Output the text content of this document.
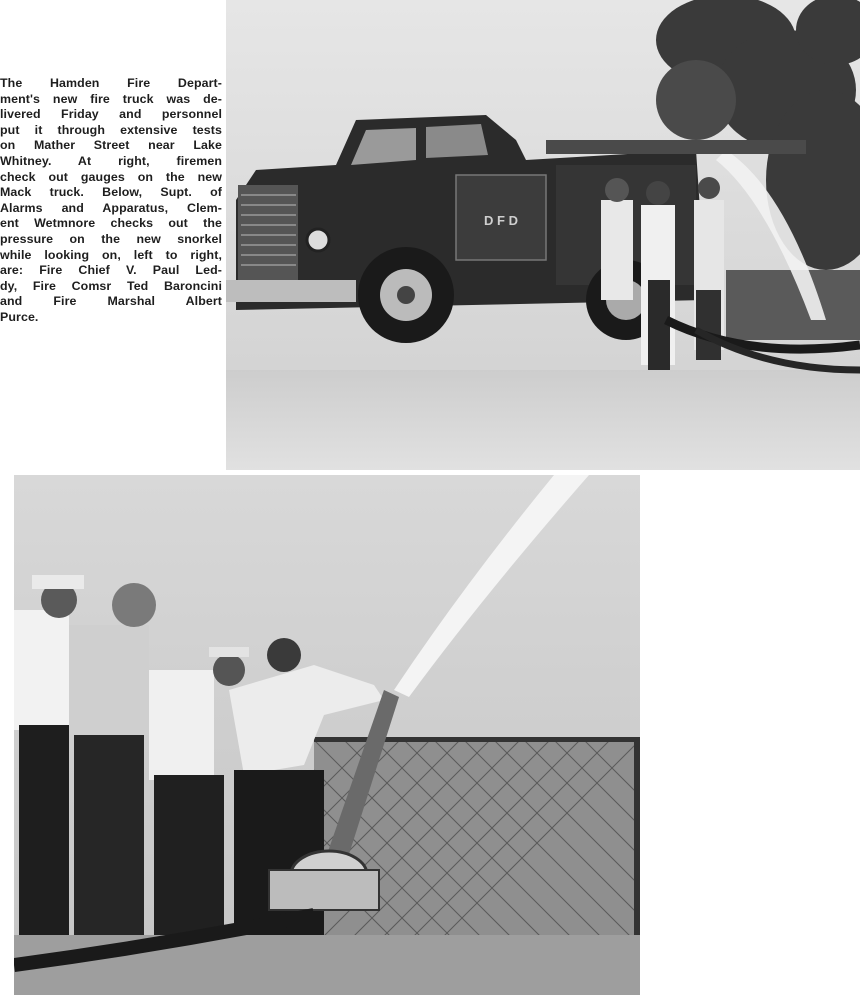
The Hamden Fire Depart-
ment's new fire truck was de-
livered Friday and personnel
put it through extensive tests
on Mather Street near Lake
Whitney. At right, firemen
check out gauges on the new
Mack truck. Below, Supt. of
Alarms and Apparatus, Clem-
ent Wetmnore checks out the
pressure on the new snorkel
while looking on, left to right,
are: Fire Chief V. Paul Led-
dy, Fire Comsr Ted Baroncini
and Fire Marshal Albert
Purce.
D F D
